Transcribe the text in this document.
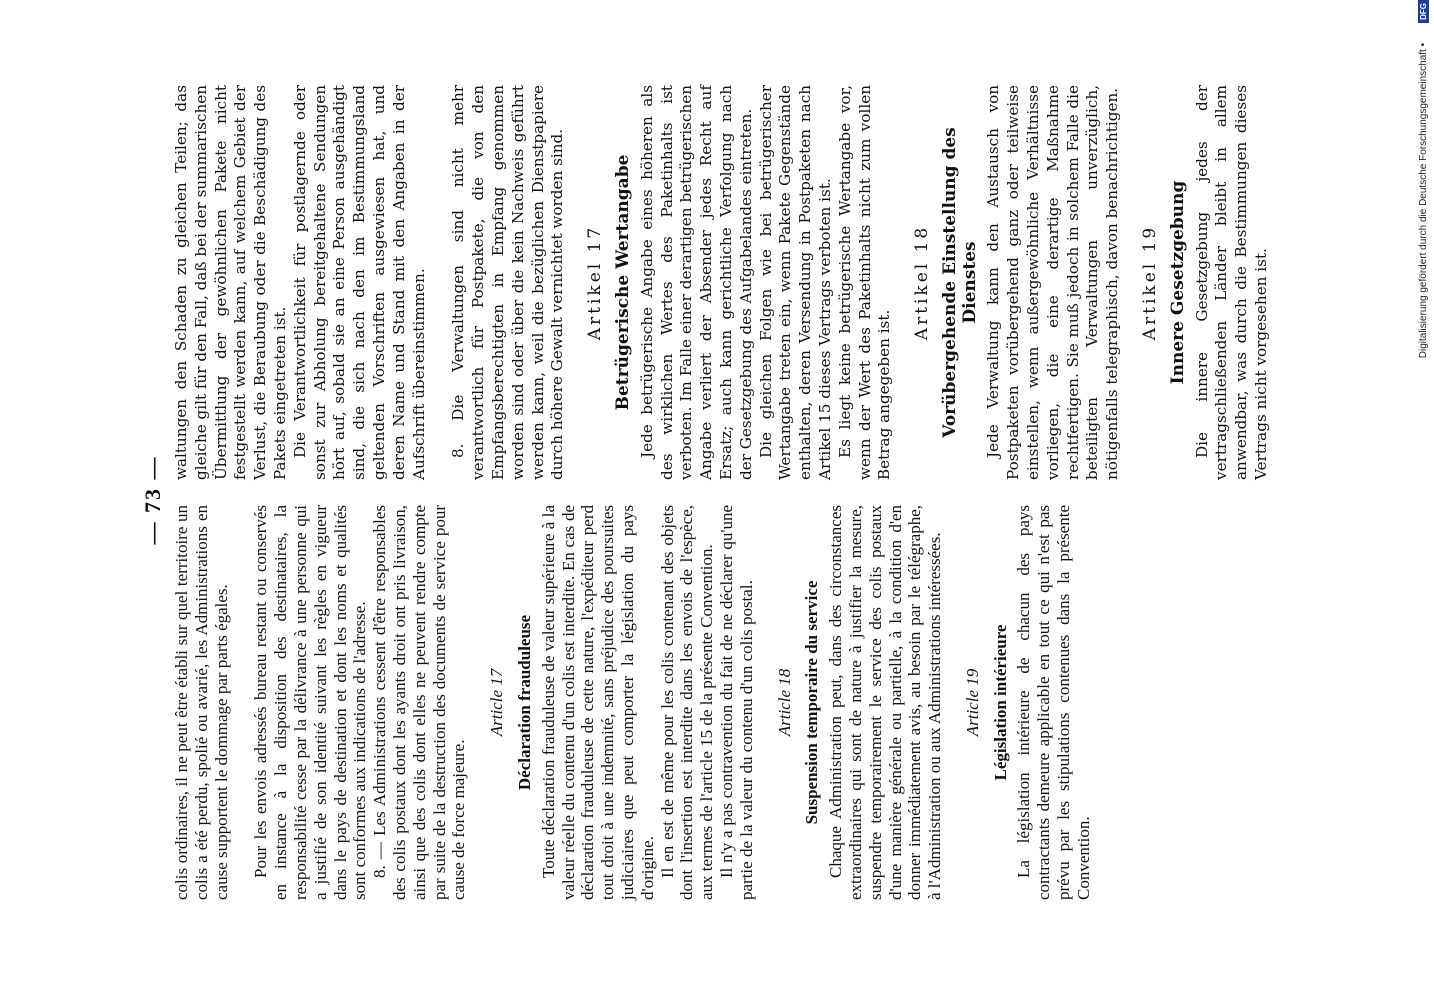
— 73 —

colis ordinaires, il ne peut être établi sur quel territoire un colis a été perdu, spolié ou avarié, les Administrations en cause supportent le dommage par parts égales. Pour les envois adressés bureau restant ou conservés en instance à la disposition des destinataires, la responsabilité cesse par la délivrance à une personne qui a justifié de son identité suivant les règles en vigueur dans le pays de destination et dont les noms et qualités sont conformes aux indications de l'adresse. 8. — Les Administrations cessent d'être responsables des colis postaux dont les ayants droit ont pris livraison, ainsi que des colis dont elles ne peuvent rendre compte par suite de la destruction des documents de service pour cause de force majeure.

Article 17 Déclaration frauduleuse Toute déclaration frauduleuse de valeur supérieure à la valeur réelle du contenu d'un colis est interdite. En cas de déclaration frauduleuse de cette nature, l'expéditeur perd tout droit à une indemnité, sans préjudice des poursuites judiciaires que peut comporter la législation du pays d'origine. Il en est de même pour les colis contenant des objets dont l'insertion est interdite dans les envois de l'espèce, aux termes de l'article 15 de la présente Convention. Il n'y a pas contravention du fait de ne déclarer qu'une partie de la valeur du contenu d'un colis postal. Article 18 Suspension temporaire du service Chaque Administration peut, dans des circonstances extraordinaires qui sont de nature à justifier la mesure, suspendre temporairement le service des colis postaux d'une manière générale ou partielle, à la condition d'en donner immédiatement avis, au besoin par le télégraphe, à l'Administration ou aux Administrations intéressées. Article 19 Législation intérieure La législation intérieure de chacun des pays contractants demeure applicable en tout ce qui n'est pas prévu par les stipulations contenues dans la présente Convention.

waltungen den Schaden zu gleichen Teilen; das gleiche gilt für den Fall, daß bei der summarischen Übermittlung der gewöhnlichen Pakete nicht festgestellt werden kann, auf welchem Gebiet der Verlust, die Beraubung oder die Beschädigung des Pakets eingetreten ist. Die Verantwortlichkeit für postlagernde oder sonst zur Abholung bereitgehaltene Sendungen hört auf, sobald sie an eine Person ausgehändigt sind, die sich nach den im Bestimmungsland geltenden Vorschriften ausgewiesen hat, und deren Name und Stand mit den Angaben in der Aufschrift übereinstimmen. 8. Die Verwaltungen sind nicht mehr verantwortlich für Postpakete, die von den Empfangsberechtigten in Empfang genommen worden sind oder über die kein Nachweis geführt werden kann, weil die bezüglichen Dienstpapiere durch höhere Gewalt vernichtet worden sind. Artikel 17 Betrügerische Wertangabe Jede betrügerische Angabe eines höheren als des wirklichen Wertes des Paketinhalts ist verboten. Im Falle einer derartigen betrügerischen Angabe verliert der Absender jedes Recht auf Ersatz; auch kann gerichtliche Verfolgung nach der Gesetzgebung des Aufgabelandes eintreten. Die gleichen Folgen wie bei betrügerischer Wertangabe treten ein, wenn Pakete Gegenstände enthalten, deren Versendung in Postpaketen nach Artikel 15 dieses Vertrags verboten ist. Es liegt keine betrügerische Wertangabe vor, wenn der Wert des Paketinhalts nicht zum vollen Betrag angegeben ist.

Artikel 18 Vorübergehende Einstellung des Dienstes Jede Verwaltung kann den Austausch von Postpaketen vorübergehend ganz oder teilweise einstellen, wenn außergewöhnliche Verhältnisse vorliegen, die eine derartige Maßnahme rechtfertigen. Sie muß jedoch in solchem Falle die beteiligten Verwaltungen unverzüglich, nötigenfalls telegraphisch, davon benachrichtigen. Artikel 19 Innere Gesetzgebung Die innere Gesetzgebung jedes der vertragschließenden Länder bleibt in allem anwendbar, was durch die Bestimmungen dieses Vertrags nicht vorgesehen ist.

Digitalisierung gefördert durch die Deutsche Forschungsgemeinschaft •DFG
